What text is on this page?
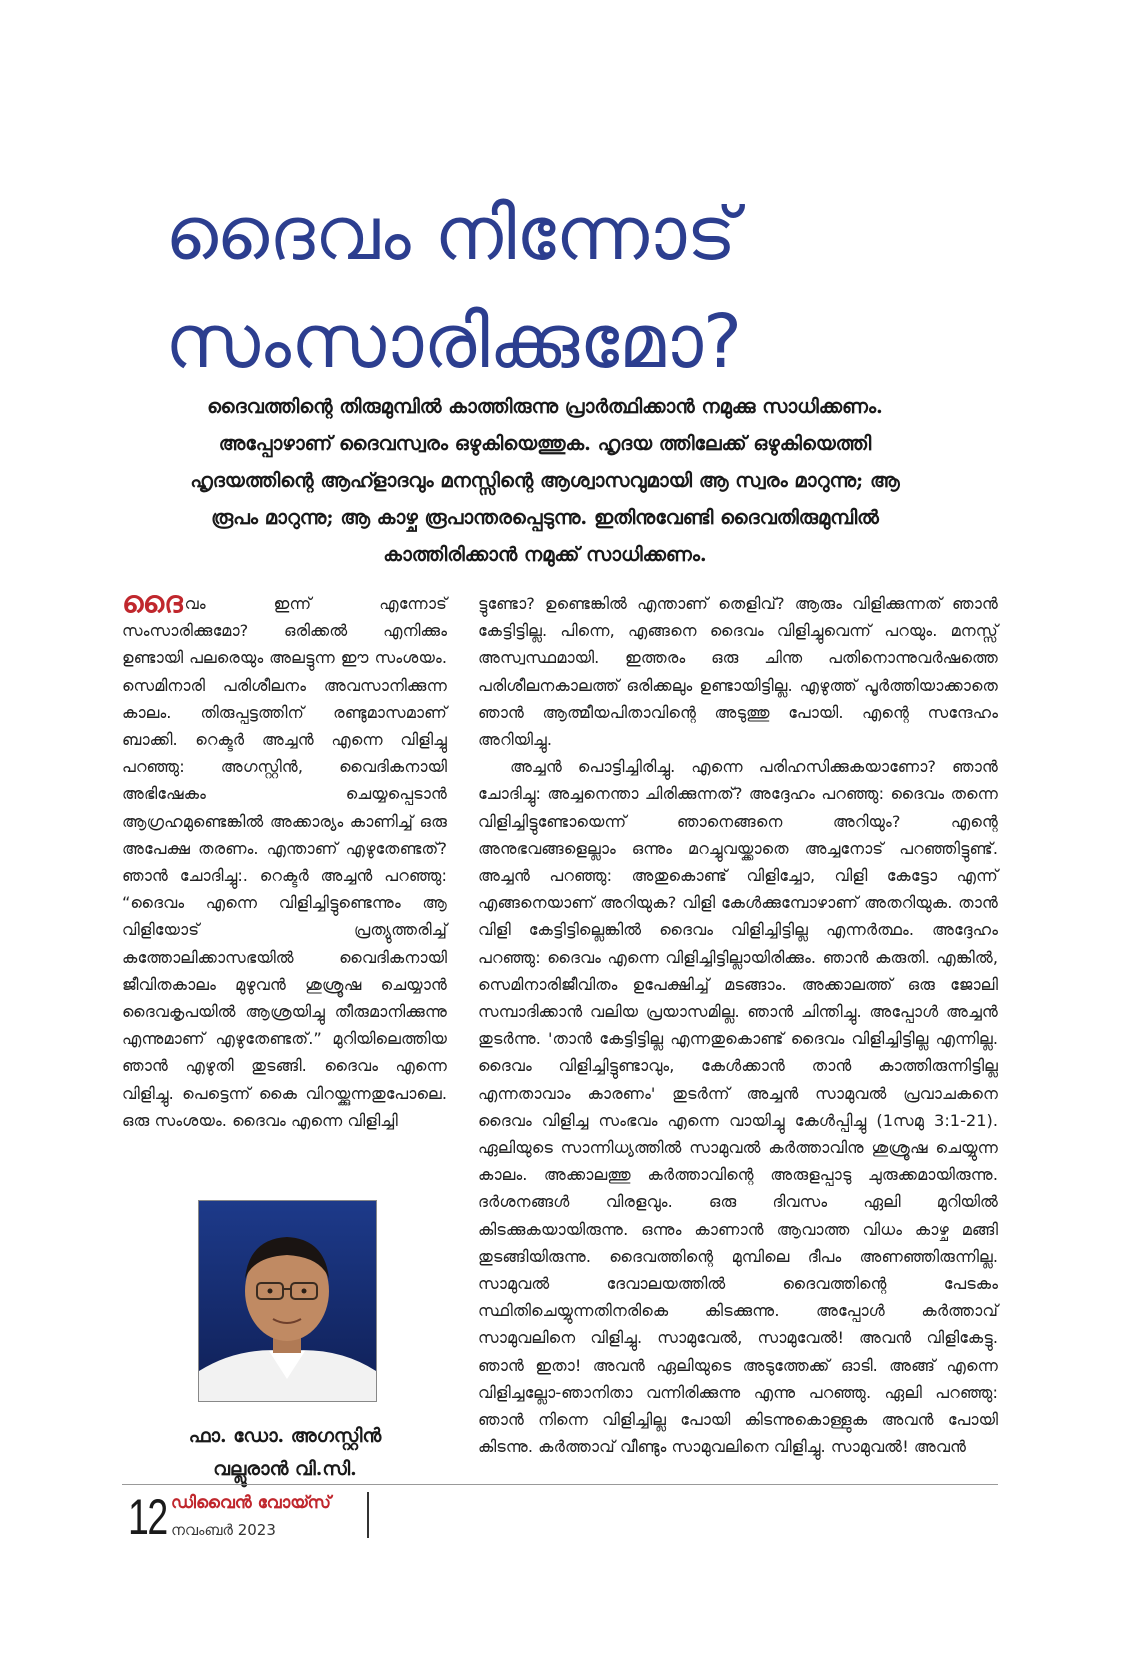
ദൈവം നിന്നോട്
സംസാരിക്കുമോ?
ദൈവത്തിന്റെ തിരുമുമ്പിൽ കാത്തിരുന്നു പ്രാർത്ഥിക്കാൻ നമുക്കു സാധിക്കണം. അപ്പോഴാണ് ദൈവസ്വരം ഒഴുകിയെത്തുക. ഹൃദയ ത്തിലേക്ക് ഒഴുകിയെത്തി ഹൃദയത്തിന്റെ ആഹ്ളാദവും മനസ്സിന്റെ ആശ്വാസവുമായി ആ സ്വരം മാറുന്നു; ആ രൂപം മാറുന്നു; ആ കാഴ്ച രൂപാന്തരപ്പെടുന്നു. ഇതിനുവേണ്ടി ദൈവതിരുമുമ്പിൽ കാത്തിരിക്കാൻ നമുക്ക് സാധിക്കണം.

ദൈവം ഇന്ന് എന്നോട് സംസാരിക്കുമോ? ഒരിക്കൽ എനിക്കും ഉണ്ടായി പലരെയും അലട്ടുന്ന ഈ സംശയം. സെമിനാരി പരിശീലനം അവസാനിക്കുന്ന കാലം. തിരുപ്പട്ടത്തിന് രണ്ടുമാസമാണ് ബാക്കി. റെക്ടർ അച്ചൻ എന്നെ വിളിച്ചു പറഞ്ഞു: അഗസ്റ്റിൻ, വൈദികനായി അഭിഷേകം ചെയ്യപ്പെടാൻ ആഗ്രഹമുണ്ടെങ്കിൽ അക്കാര്യം കാണിച്ച് ഒരു അപേക്ഷ തരണം. എന്താണ് എഴുതേണ്ടത്? ഞാൻ ചോദിച്ചു:. റെക്ടർ അച്ചൻ പറഞ്ഞു: “ദൈവം എന്നെ വിളിച്ചിട്ടുണ്ടെന്നും ആ വിളിയോട് പ്രത്യുത്തരിച്ച് കത്തോലിക്കാസഭയിൽ വൈദികനായി ജീവിതകാലം മുഴുവൻ ശുശ്രൂഷ ചെയ്യാൻ ദൈവകൃപയിൽ ആശ്രയിച്ചു തീരുമാനിക്കുന്നു എന്നുമാണ് എഴുതേണ്ടത്.” മുറിയിലെത്തിയ ഞാൻ എഴുതി തുടങ്ങി. ദൈവം എന്നെ വിളിച്ചു. പെട്ടെന്ന് കൈ വിറയ്ക്കുന്നതുപോലെ. ഒരു സംശയം. ദൈവം എന്നെ വിളിച്ചി

ഫാ. ഡോ. അഗസ്റ്റിൻ
വല്ലൂരാൻ വി.സി.

ട്ടുണ്ടോ? ഉണ്ടെങ്കിൽ എന്താണ് തെളിവ്? ആരും വിളിക്കുന്നത് ഞാൻ കേട്ടിട്ടില്ല. പിന്നെ, എങ്ങനെ ദൈവം വിളിച്ചുവെന്ന് പറയും. മനസ്സ് അസ്വസ്ഥമായി. ഇത്തരം ഒരു ചിന്ത പതിനൊന്നുവർഷത്തെ പരിശീലനകാലത്ത് ഒരിക്കലും ഉണ്ടായിട്ടില്ല. എഴുത്ത് പൂർത്തിയാക്കാതെ ഞാൻ ആത്മീയപിതാവിന്റെ അടുത്തു പോയി. എന്റെ സന്ദേഹം അറിയിച്ചു.

അച്ചൻ പൊട്ടിച്ചിരിച്ചു. എന്നെ പരിഹസിക്കുകയാണോ? ഞാൻ ചോദിച്ചു: അച്ചനെന്താ ചിരിക്കുന്നത്? അദ്ദേഹം പറഞ്ഞു: ദൈവം തന്നെ വിളിച്ചിട്ടുണ്ടോയെന്ന് ഞാനെങ്ങനെ അറിയും? എന്റെ അനുഭവങ്ങളെല്ലാം ഒന്നും മറച്ചുവയ്ക്കാതെ അച്ചനോട് പറഞ്ഞിട്ടുണ്ട്. അച്ചൻ പറഞ്ഞു: അതുകൊണ്ട് വിളിച്ചോ, വിളി കേട്ടോ എന്ന് എങ്ങനെയാണ് അറിയുക? വിളി കേൾക്കുമ്പോഴാണ് അതറിയുക. താൻ വിളി കേട്ടിട്ടില്ലെങ്കിൽ ദൈവം വിളിച്ചിട്ടില്ല എന്നർത്ഥം. അദ്ദേഹം പറഞ്ഞു: ദൈവം എന്നെ വിളിച്ചിട്ടില്ലായിരിക്കും. ഞാൻ കരുതി. എങ്കിൽ, സെമിനാരിജീവിതം ഉപേക്ഷിച്ച് മടങ്ങാം. അക്കാലത്ത് ഒരു ജോലി സമ്പാദിക്കാൻ വലിയ പ്രയാസമില്ല. ഞാൻ ചിന്തിച്ചു. അപ്പോൾ അച്ചൻ തുടർന്നു. 'താൻ കേട്ടിട്ടില്ല എന്നതുകൊണ്ട് ദൈവം വിളിച്ചിട്ടില്ല എന്നില്ല. ദൈവം വിളിച്ചിട്ടുണ്ടാവും, കേൾക്കാൻ താൻ കാത്തിരുന്നിട്ടില്ല എന്നതാവാം കാരണം' തുടർന്ന് അച്ചൻ സാമുവൽ പ്രവാചകനെ ദൈവം വിളിച്ച സംഭവം എന്നെ വായിച്ചു കേൾപ്പിച്ചു (1സമു 3:1-21). ഏലിയുടെ സാന്നിധ്യത്തിൽ സാമുവൽ കർത്താവിനു ശുശ്രൂഷ ചെയ്യുന്ന കാലം. അക്കാലത്തു കർത്താവിന്റെ അരുളപ്പാടു ചുരുക്കമായിരുന്നു. ദർശനങ്ങൾ വിരളവും. ഒരു ദിവസം ഏലി മുറിയിൽ കിടക്കുകയായിരുന്നു. ഒന്നും കാണാൻ ആവാത്ത വിധം കാഴ്ച മങ്ങി തുടങ്ങിയിരുന്നു. ദൈവത്തിന്റെ മുമ്പിലെ ദീപം അണഞ്ഞിരുന്നില്ല. സാമുവൽ ദേവാലയത്തിൽ ദൈവത്തിന്റെ പേടകം സ്ഥിതിചെയ്യുന്നതിനരികെ കിടക്കുന്നു. അപ്പോൾ കർത്താവ് സാമുവലിനെ വിളിച്ചു. സാമുവേൽ, സാമുവേൽ! അവൻ വിളികേട്ടു. ഞാൻ ഇതാ! അവൻ ഏലിയുടെ അടുത്തേക്ക് ഓടി. അങ്ങ് എന്നെ വിളിച്ചല്ലോ-ഞാനിതാ വന്നിരിക്കുന്നു എന്നു പറഞ്ഞു. ഏലി പറഞ്ഞു: ഞാൻ നിന്നെ വിളിച്ചില്ല പോയി കിടന്നുകൊള്ളുക അവൻ പോയി കിടന്നു. കർത്താവ് വീണ്ടും സാമുവലിനെ വിളിച്ചു. സാമുവൽ! അവൻ

12 ഡിവൈൻ വോയ്സ്
നവംബർ 2023
